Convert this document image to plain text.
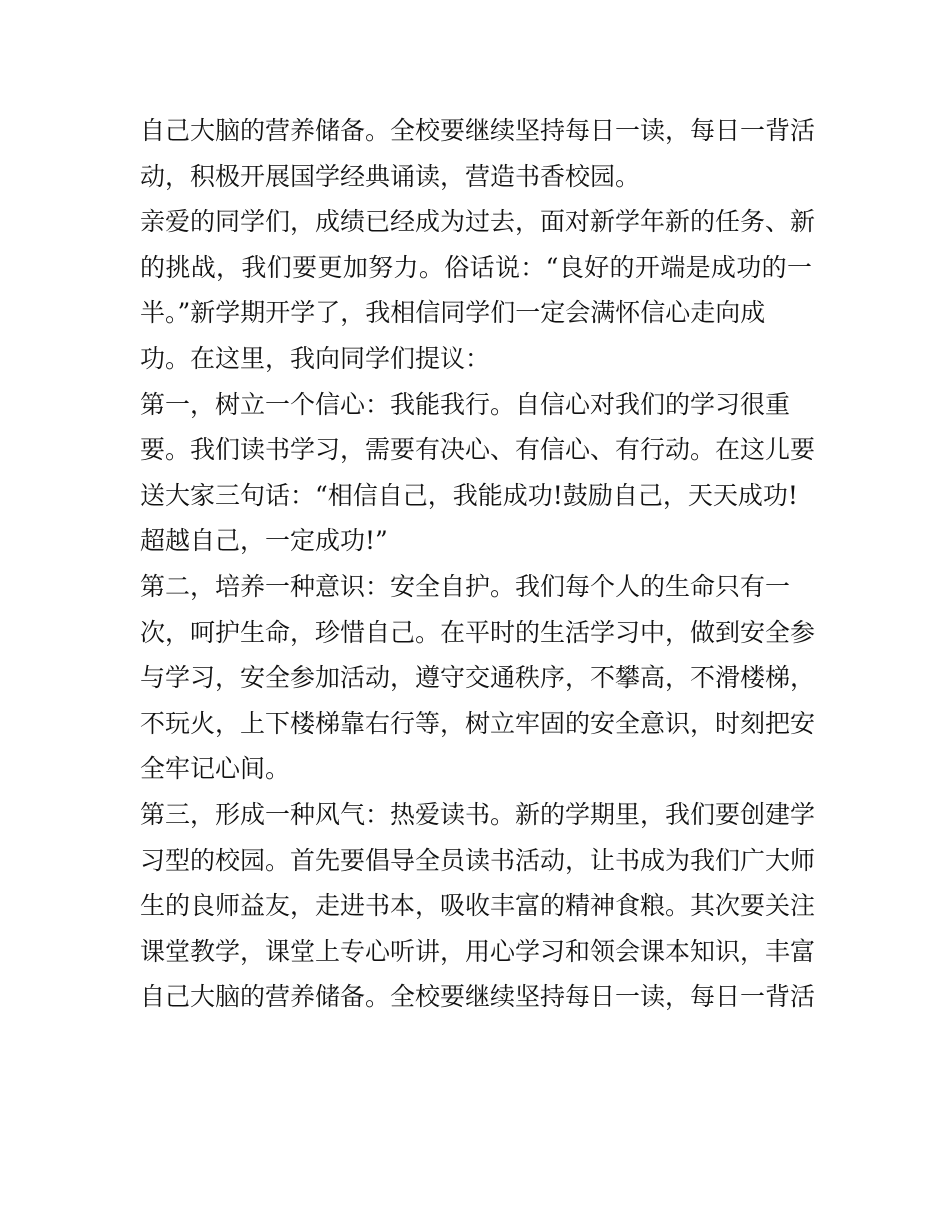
自己大脑的营养储备。全校要继续坚持每日一读，每日一背活
动，积极开展国学经典诵读，营造书香校园。
亲爱的同学们，成绩已经成为过去，面对新学年新的任务、新
的挑战，我们要更加努力。俗话说：“良好的开端是成功的一
半。”新学期开学了，我相信同学们一定会满怀信心走向成
功。在这里，我向同学们提议：
第一，树立一个信心：我能我行。自信心对我们的学习很重
要。我们读书学习，需要有决心、有信心、有行动。在这儿要
送大家三句话：“相信自己，我能成功!鼓励自己，天天成功!
超越自己，一定成功!”
第二，培养一种意识：安全自护。我们每个人的生命只有一
次，呵护生命，珍惜自己。在平时的生活学习中，做到安全参
与学习，安全参加活动，遵守交通秩序，不攀高，不滑楼梯，
不玩火，上下楼梯靠右行等，树立牢固的安全意识，时刻把安
全牢记心间。
第三，形成一种风气：热爱读书。新的学期里，我们要创建学
习型的校园。首先要倡导全员读书活动，让书成为我们广大师
生的良师益友，走进书本，吸收丰富的精神食粮。其次要关注
课堂教学，课堂上专心听讲，用心学习和领会课本知识，丰富
自己大脑的营养储备。全校要继续坚持每日一读，每日一背活
